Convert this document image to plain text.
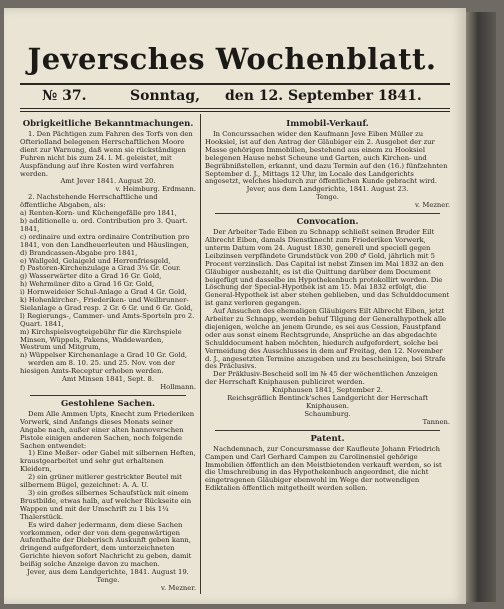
Jeversches Wochenblatt.
№ 37.	Sonntag, den 12. September 1841.
Obrigkeitliche Bekanntmachungen.

1. Den Pächtigen zum Fahren des Torfs von den Ofteriolland belegenen Herrschaftlichen Moore dient zur Warnung, daß wenn sie rückständigen Fuhren nicht bis zum 24. l. M. geleistet, mit Auspfändung auf ihre Kosten wird verfahren werden.

Amt Jever 1841. August 20.

v. Heimburg. Erdmann.

2. Nachstehende Herrschaftliche und öffentliche Abgaben, als:

a) Renten-Korn- und Küchengefälle pro 1841,

b) additionelle u. ord. Contribution pro 3. Quart. 1841,

c) ordinaire und extra ordinaire Contribution pro 1841, von den Landheuerleuten und Häuslingen,

d) Brandcassen-Abgabe pro 1841,

e) Wallgeld, Gelaigeld und Herrenfriesgeld,

f) Pastoren-Kirchenzulage a Grad 3¼ Gr. Cour.

g) Wasserwärter dito a Grad 16 Gr. Gold,

h) Wehrmüner dito a Grad 16 Gr. Gold,

i) Hornweideier Schul-Anlage a Grad 4 Gr. Gold,

k) Hohenkircher-, Friederiken- und Weilbrunner-Sielanlage a Grad resp. 2 Gr. 6 Gr. und 6 Gr. Gold,

l) Regierungs-, Cammer- und Amts-Sporteln pro 2. Quart. 1841,

m) Kirchspielsvogteigebühr für die Kirchspiele Minsen, Wüppels, Pakens, Waddewarden, Westrum und Mitgrum,

n) Wüppelser Kirchenanlage a Grad 10 Gr. Gold,

werden am 8. 10. 25. und 25. Nov. von der hiesigen Amts-Receptur erhoben werden.

Amt Minsen 1841, Sept. 8.

Hollmann.

Gestohlene Sachen.

Dem Alle Ammen Upts, Knecht zum Friederiken Vorwerk, sind Anfangs dieses Monats seiner Angabe nach, außer einer alten hannoverschen Pistole einigen anderen Sachen, noch folgende Sachen entwendet:

1) Eine Meßer- oder Gabel mit silbernen Heften, kraustgearbeitet und sehr gut erhaltenen Kleidern,

2) ein grüner mitlerer gestrickter Beutel mit silbernem Bügel, gezeichnet: A. A. U.

3) ein großes silbernes Schaufstück mit einem Brustbilde, etwas halb, auf welcher Rückseite ein Wappen und mit der Umschrift zu 1 bis 1¼ Thalerstück.

Es wird daher jedermann, dem diese Sachen vorkommen, oder der von dem gegenwärtigen Aufenthalte der Dieberisch Auskunft geben kann, dringend aufgefordert, dem unterzeichneten Gerichte hievon sofort Nachricht zu geben, damit beißig solche Anzeige davon zu machen.

Jever, aus dem Landgerichte, 1841. August 19.

Tenge.

v. Mezner.

Immobil-Verkauf.

In Concurssachen wider den Kaufmann Jeve Eiben Müller zu Hooksiel, ist auf den Antrag der Gläubiger ein 2. Ausgebot der zur Masse gehörigen Immobilien, bestehend aus einem zu Hooksiel belegenen Hause nebst Scheune und Garten, auch Kirchen- und Begräbnißstellen, erkannt, und dazu Termin auf den (16.) fünfzehnten September d. J., Mittags 12 Uhr, im Locale des Landgerichts angesetzt, welches hiedurch zur öffentlichen Kunde gebracht wird.

Jever, aus dem Landgerichte, 1841. August 23.

Tenge.

v. Mezner.

Convocation.

Der Arbeiter Tade Eiben zu Schnapp schließt seinen Bruder Eilt Albrecht Eiben, damals Dienstknecht zum Friederiken Vorwerk, unterm Datum vom 24. August 1830, generell und speciell gegen Leibzinsen verpfändete Grundstück von 200 ♂ Gold, jährlich mit 5 Procent verzinslich. Das Capital ist nebst Zinsen im Mai 1832 an den Gläubiger ausbezahlt, es ist die Quittung darüber dem Document beigefügt und dasselbe im Hypothekenbuch protokollirt worden. Die Löschung der Special-Hypothek ist am 15. Mai 1832 erfolgt, die General-Hypothek ist aber stehen geblieben, und das Schulddocument ist ganz verloren gegangen.

Auf Ansuchen des ehemaligen Gläubigers Eilt Albrecht Eiben, jetzt Arbeiter zu Schnapp, werden behuf Tilgung der Generalhypothek alle diejenigen, welche an jenem Grunde, es sei aus Cession, Faustpfand oder aus sonst einem Rechtsgrunde, Ansprüche an das abgedachte Schulddocument haben möchten, hiedurch aufgefordert, solche bei Vermeidung des Ausschlusses in dem auf Freitag, den 12. November d. J., angesetzten Termine anzugeben und zu bescheinigen, bei Strafe des Präclusivs.

Der Präklusiv-Bescheid soll im № 45 der wöchentlichen Anzeigen der Herrschaft Kniphausen publiciret werden.

Kniphausen 1841, September 2.

Reichsgräflich Bentinck'sches Landgericht der Herrschaft Kniphausen.

Schaumburg.

Tannen.

Patent.

Nachdemnach, zur Concursmasse der Kaufleute Johann Friedrich Campen und Carl Gerhard Campen zu Carolinensiel gehörige Immobilien öffentlich an den Meistbietenden verkauft werden, so ist die Umschreibung in das Hypothekenbuch angeordnet, die nicht eingetragenen Gläubiger ebenwohl im Wege der notwendigen Ediktalien öffentlich mitgetheilt werden sollen.
